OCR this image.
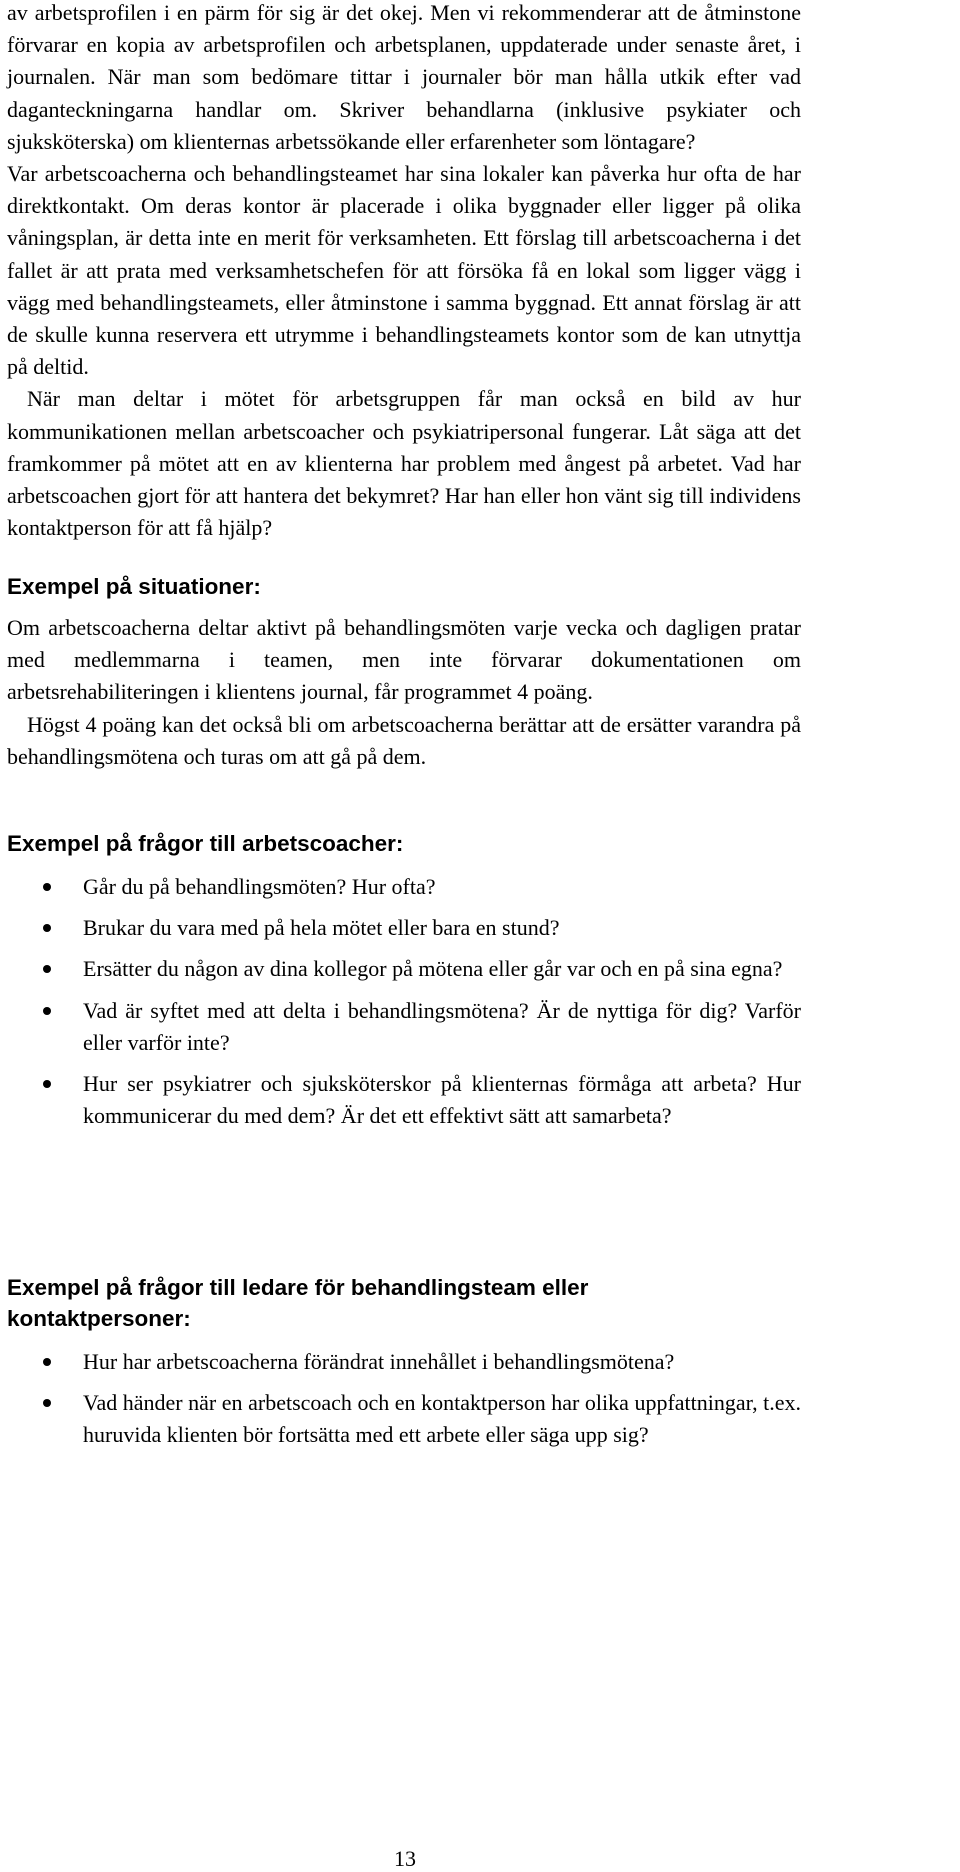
av arbetsprofilen i en pärm för sig är det okej. Men vi rekommenderar att de åtminstone förvarar en kopia av arbetsprofilen och arbetsplanen, uppdaterade under senaste året, i journalen. När man som bedömare tittar i journaler bör man hålla utkik efter vad daganteckningarna handlar om. Skriver behandlarna (inklusive psykiater och sjuksköterska) om klienternas arbetssökande eller erfarenheter som löntagare?

Var arbetscoacherna och behandlingsteamet har sina lokaler kan påverka hur ofta de har direktkontakt. Om deras kontor är placerade i olika byggnader eller ligger på olika våningsplan, är detta inte en merit för verksamheten. Ett förslag till arbetscoacherna i det fallet är att prata med verksamhetschefen för att försöka få en lokal som ligger vägg i vägg med behandlingsteamets, eller åtminstone i samma byggnad. Ett annat förslag är att de skulle kunna reservera ett utrymme i behandlingsteamets kontor som de kan utnyttja på deltid.

När man deltar i mötet för arbetsgruppen får man också en bild av hur kommunikationen mellan arbetscoacher och psykiatripersonal fungerar. Låt säga att det framkommer på mötet att en av klienterna har problem med ångest på arbetet. Vad har arbetscoachen gjort för att hantera det bekymret? Har han eller hon vänt sig till individens kontaktperson för att få hjälp?

Exempel på situationer:

Om arbetscoacherna deltar aktivt på behandlingsmöten varje vecka och dagligen pratar med medlemmarna i teamen, men inte förvarar dokumentationen om arbetsrehabiliteringen i klientens journal, får programmet 4 poäng.

Högst 4 poäng kan det också bli om arbetscoacherna berättar att de ersätter varandra på behandlingsmötena och turas om att gå på dem.

Exempel på frågor till arbetscoacher:
Går du på behandlingsmöten? Hur ofta?
Brukar du vara med på hela mötet eller bara en stund?
Ersätter du någon av dina kollegor på mötena eller går var och en på sina egna?
Vad är syftet med att delta i behandlingsmötena? Är de nyttiga för dig? Varför eller varför inte?
Hur ser psykiatrer och sjuksköterskor på klienternas förmåga att arbeta? Hur kommunicerar du med dem? Är det ett effektivt sätt att samarbeta?
Exempel på frågor till ledare för behandlingsteam eller kontaktpersoner:
Hur har arbetscoacherna förändrat innehållet i behandlingsmötena?
Vad händer när en arbetscoach och en kontaktperson har olika uppfattningar, t.ex. huruvida klienten bör fortsätta med ett arbete eller säga upp sig?
13
